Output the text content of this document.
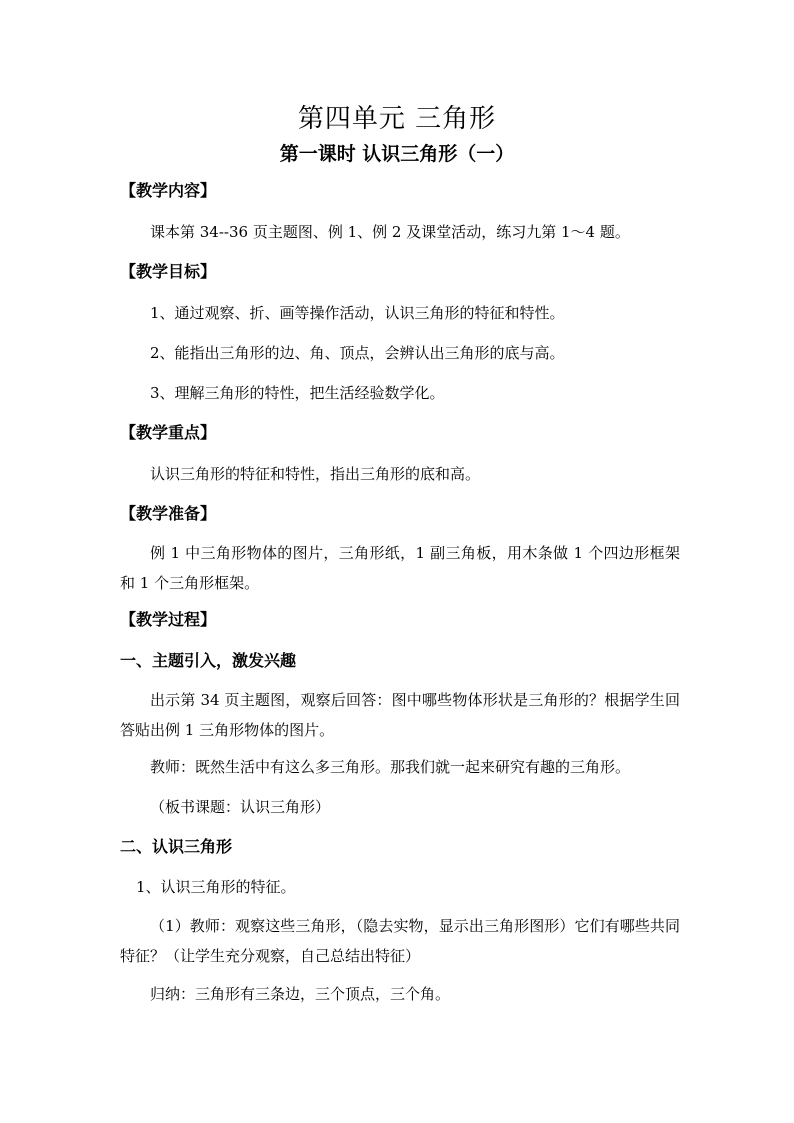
第四单元 三角形
第一课时 认识三角形（一）
【教学内容】
课本第 34--36 页主题图、例 1、例 2 及课堂活动，练习九第 1～4 题。
【教学目标】
1、通过观察、折、画等操作活动，认识三角形的特征和特性。
2、能指出三角形的边、角、顶点，会辨认出三角形的底与高。
3、理解三角形的特性，把生活经验数学化。
【教学重点】
认识三角形的特征和特性，指出三角形的底和高。
【教学准备】
例 1 中三角形物体的图片，三角形纸，1 副三角板，用木条做 1 个四边形框架和 1 个三角形框架。
【教学过程】
一、主题引入，激发兴趣
出示第 34 页主题图，观察后回答：图中哪些物体形状是三角形的？根据学生回答贴出例 1 三角形物体的图片。
教师：既然生活中有这么多三角形。那我们就一起来研究有趣的三角形。
（板书课题：认识三角形）
二、认识三角形
1、认识三角形的特征。
（1）教师：观察这些三角形，（隐去实物，显示出三角形图形）它们有哪些共同特征？（让学生充分观察，自己总结出特征）
归纳：三角形有三条边，三个顶点，三个角。
